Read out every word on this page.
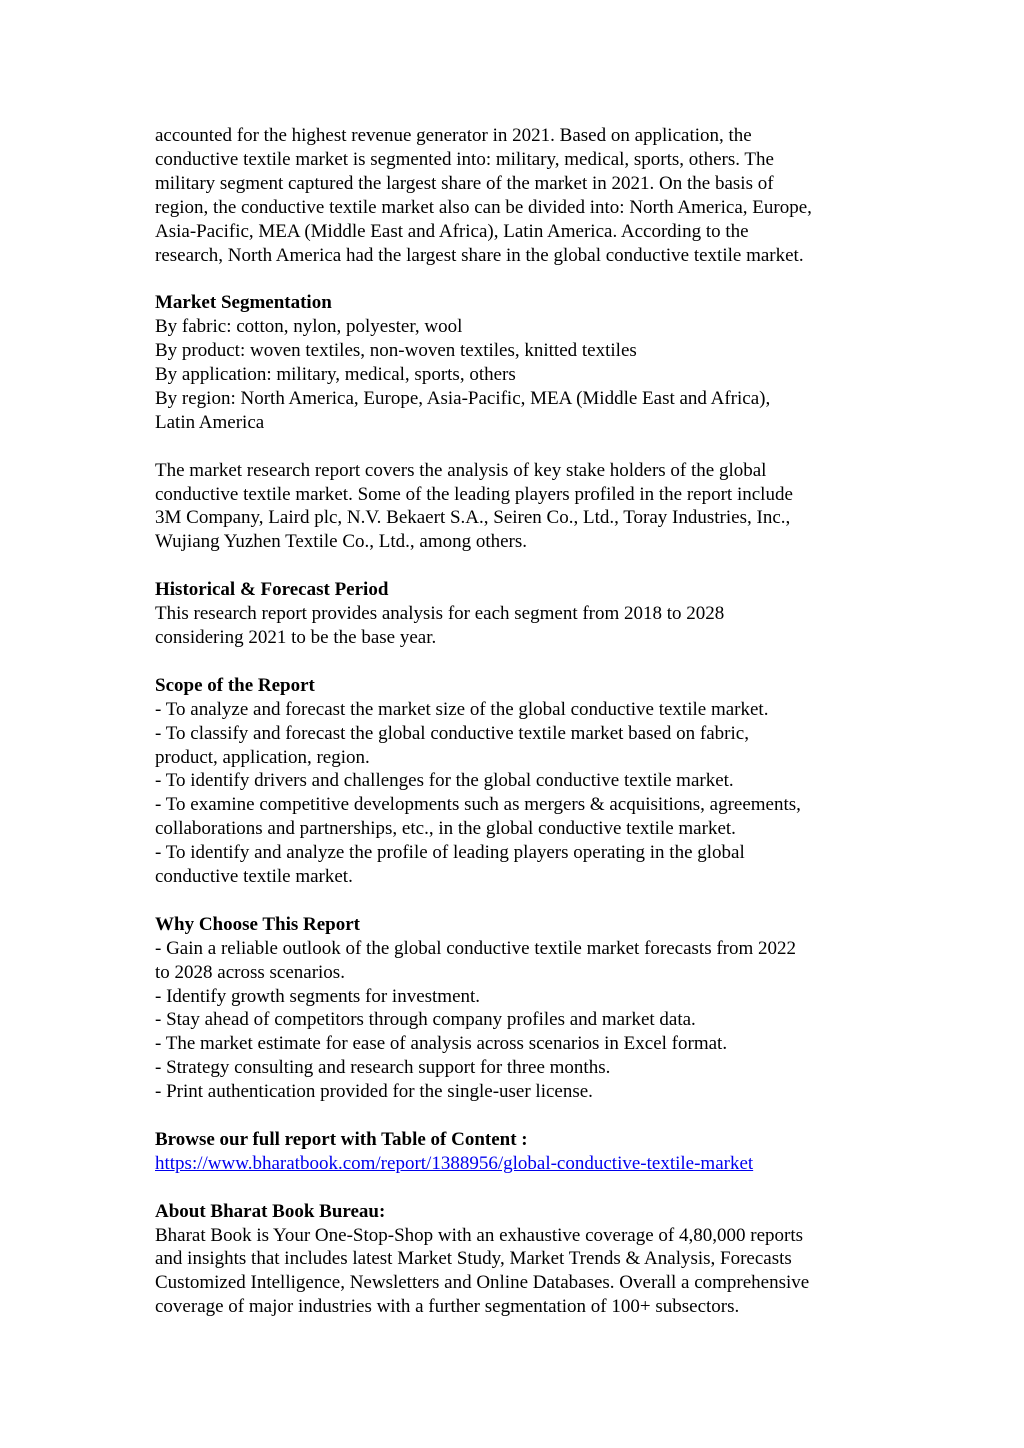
accounted for the highest revenue generator in 2021. Based on application, the
conductive textile market is segmented into: military, medical, sports, others. The
military segment captured the largest share of the market in 2021. On the basis of
region, the conductive textile market also can be divided into: North America, Europe,
Asia-Pacific, MEA (Middle East and Africa), Latin America. According to the
research, North America had the largest share in the global conductive textile market.
Market Segmentation
By fabric: cotton, nylon, polyester, wool
By product: woven textiles, non-woven textiles, knitted textiles
By application: military, medical, sports, others
By region: North America, Europe, Asia-Pacific, MEA (Middle East and Africa),
Latin America
The market research report covers the analysis of key stake holders of the global
conductive textile market. Some of the leading players profiled in the report include
3M Company, Laird plc, N.V. Bekaert S.A., Seiren Co., Ltd., Toray Industries, Inc.,
Wujiang Yuzhen Textile Co., Ltd., among others.
Historical & Forecast Period
This research report provides analysis for each segment from 2018 to 2028
considering 2021 to be the base year.
Scope of the Report
- To analyze and forecast the market size of the global conductive textile market.
- To classify and forecast the global conductive textile market based on fabric,
product, application, region.
- To identify drivers and challenges for the global conductive textile market.
- To examine competitive developments such as mergers & acquisitions, agreements,
collaborations and partnerships, etc., in the global conductive textile market.
- To identify and analyze the profile of leading players operating in the global
conductive textile market.
Why Choose This Report
- Gain a reliable outlook of the global conductive textile market forecasts from 2022
to 2028 across scenarios.
- Identify growth segments for investment.
- Stay ahead of competitors through company profiles and market data.
- The market estimate for ease of analysis across scenarios in Excel format.
- Strategy consulting and research support for three months.
- Print authentication provided for the single-user license.
Browse our full report with Table of Content :
https://www.bharatbook.com/report/1388956/global-conductive-textile-market
About Bharat Book Bureau:
Bharat Book is Your One-Stop-Shop with an exhaustive coverage of 4,80,000 reports
and insights that includes latest Market Study, Market Trends & Analysis, Forecasts
Customized Intelligence, Newsletters and Online Databases. Overall a comprehensive
coverage of major industries with a further segmentation of 100+ subsectors.
